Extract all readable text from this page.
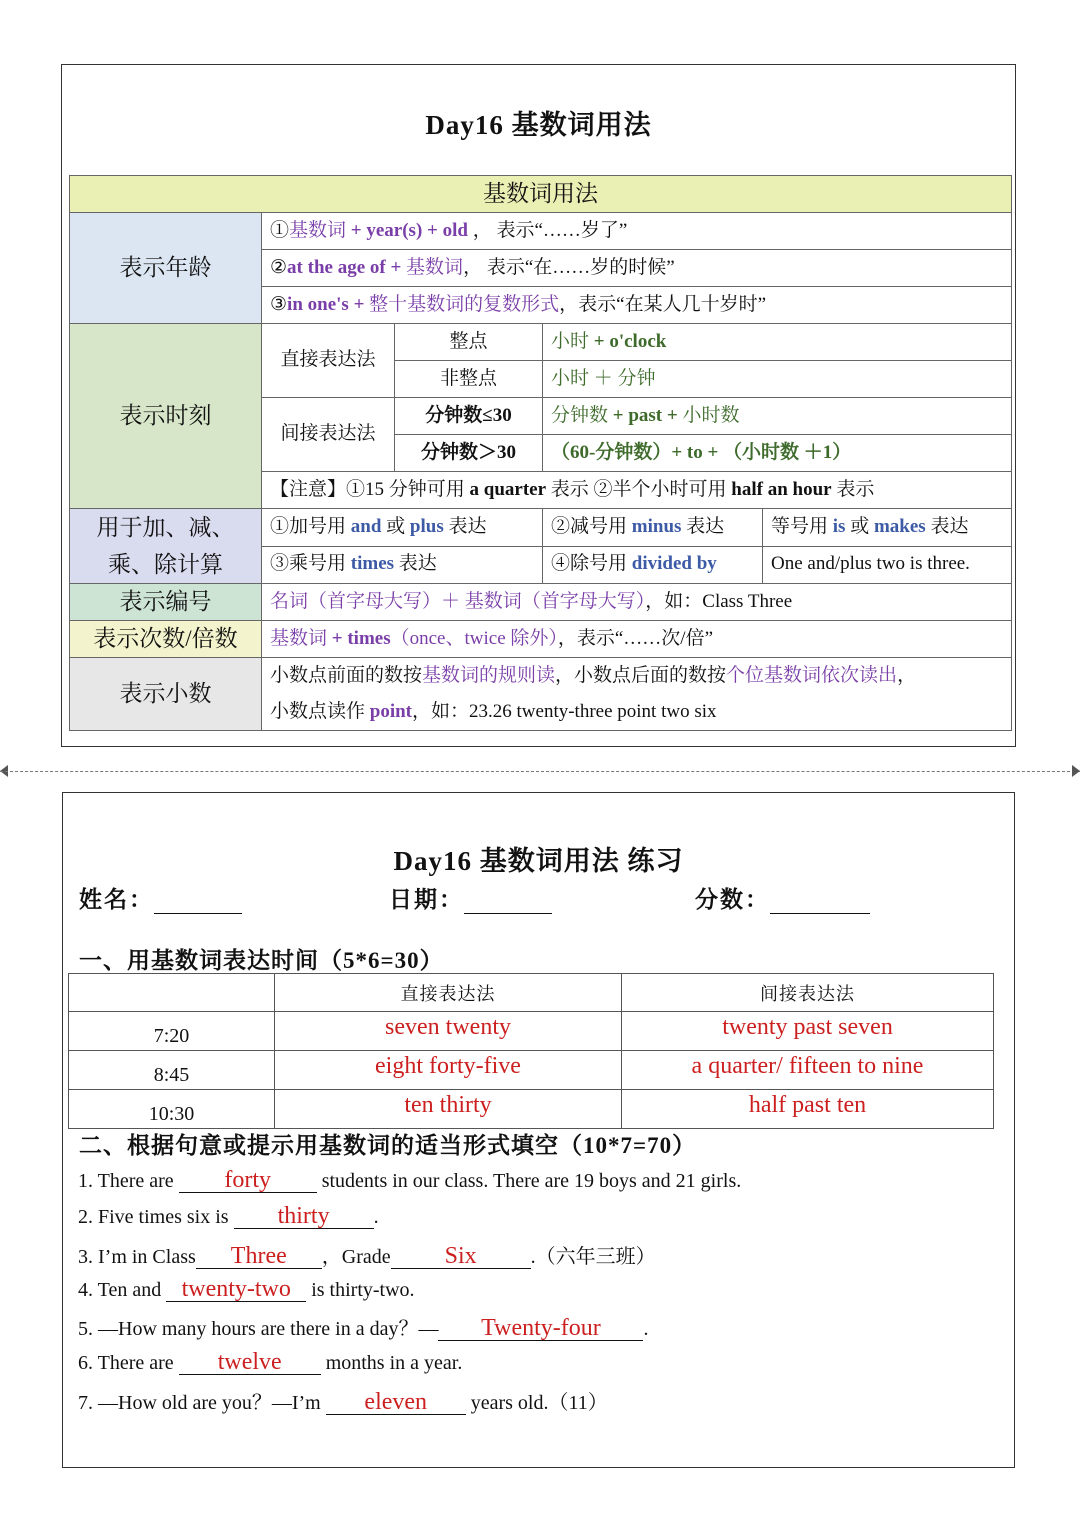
Day16 基数词用法
基数词用法				
表示年龄	①基数词 + year(s) + old ， 表示“……岁了”			
	②at the age of + 基数词， 表示“在……岁的时候”			
	③in one's + 整十基数词的复数形式，表示“在某人几十岁时”			
表示时刻	直接表达法	整点	小时 + o'clock	
		非整点	小时 ＋ 分钟	
	间接表达法	分钟数≤30	分钟数 + past + 小时数	
		分钟数＞30	（60-分钟数）+ to + （小时数 ＋1）	
	【注意】①15 分钟可用 a quarter 表示 ②半个小时可用 half an hour 表示			
用于加、减、乘、除计算	①加号用 and 或 plus 表达		②减号用 minus 表达	等号用 is 或 makes 表达
	③乘号用 times 表达		④除号用 divided by	One and/plus two is three.
表示编号	名词（首字母大写）＋ 基数词（首字母大写），如：Class Three			
表示次数/倍数	基数词 + times（once、twice 除外），表示“……次/倍”			
表示小数	小数点前面的数按基数词的规则读，小数点后面的数按个位基数词依次读出，			
	小数点读作 point，如：23.26 twenty-three point two six			
Day16 基数词用法 练习
姓名：	日期：	分数：
一、用基数词表达时间（5*6=30）
	直接表达法	间接表达法
7:20	seven twenty	twenty past seven
8:45	eight forty-five	a quarter/ fifteen to nine
10:30	ten thirty	half past ten
二、根据句意或提示用基数词的适当形式填空（10*7=70）
1. There are forty students in our class. There are 19 boys and 21 girls.
2. Five times six is thirty .
3. I’m in Class Three ，Grade Six	.（六年三班）
4. Ten and twenty-two is thirty-two.
5. —How many hours are there in a day？— Twenty-four .
6. There are twelve months in a year.
7. —How old are you？—I’m eleven years old.（11）
